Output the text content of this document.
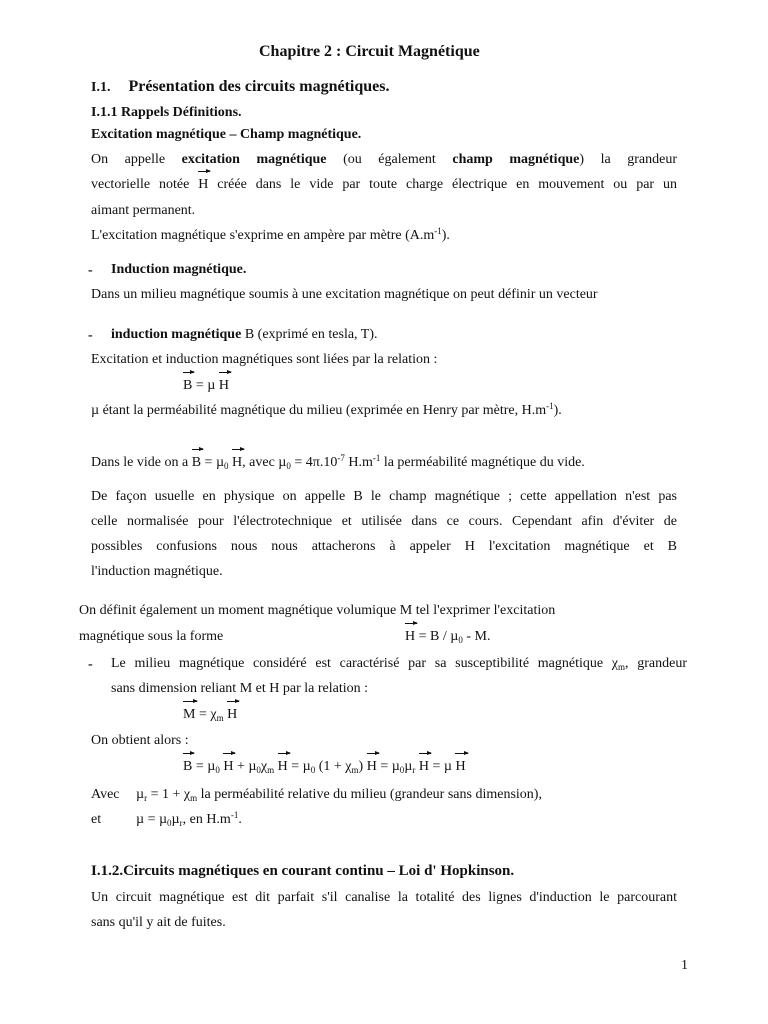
Chapitre 2 : Circuit Magnétique
I.1. Présentation des circuits magnétiques.
I.1.1 Rappels Définitions.
Excitation magnétique – Champ magnétique.
On appelle excitation magnétique (ou également champ magnétique) la grandeur
vectorielle notée H créée dans le vide par toute charge électrique en mouvement ou par un
aimant permanent.
L'excitation magnétique s'exprime en ampère par mètre $(A.m^{-1})$.
- Induction magnétique.
Dans un milieu magnétique soumis à une excitation magnétique on peut définir un vecteur
- induction magnétique B (exprimé en tesla, T).
Excitation et induction magnétiques sont liées par la relation :
B = µ H
µ étant la perméabilité magnétique du milieu (exprimée en Henry par mètre, $H.m^{-1}$).
Dans le vide on a B = µ$_0$ H, avec $\mu_0 = 4\pi.10^{-7}$ $H.m^{-1}$ la perméabilité magnétique du vide.
De façon usuelle en physique on appelle B le champ magnétique ; cette appellation n'est pas
celle normalisée pour l'électrotechnique et utilisée dans ce cours. Cependant afin d'éviter de
possibles confusions nous nous attacherons à appeler H l'excitation magnétique et B
l'induction magnétique.
On définit également un moment magnétique volumique M tel l'exprimer l'excitation
magnétique sous la forme	H = B / µ$_0$ - M.
- Le milieu magnétique considéré est caractérisé par sa susceptibilité magnétique $\chi_m$, grandeur
sans dimension reliant M et H par la relation :
$M = \chi_m$ H
On obtient alors :
B = µ$_0$ $H + \mu_0\chi_m$ H = µ$_0$ $(1 + \chi_m)$ H = µ$_0$µ$_r$ H = µ H
Avec $\mu_r = 1 + \chi_m$ la perméabilité relative du milieu (grandeur sans dimension),
et µ = µ$_0$µ$_r$, en $H.m^{-1}$.
I.1.2.Circuits magnétiques en courant continu – Loi d' Hopkinson.
Un circuit magnétique est dit parfait s'il canalise la totalité des lignes d'induction le parcourant
sans qu'il y ait de fuites.
1
